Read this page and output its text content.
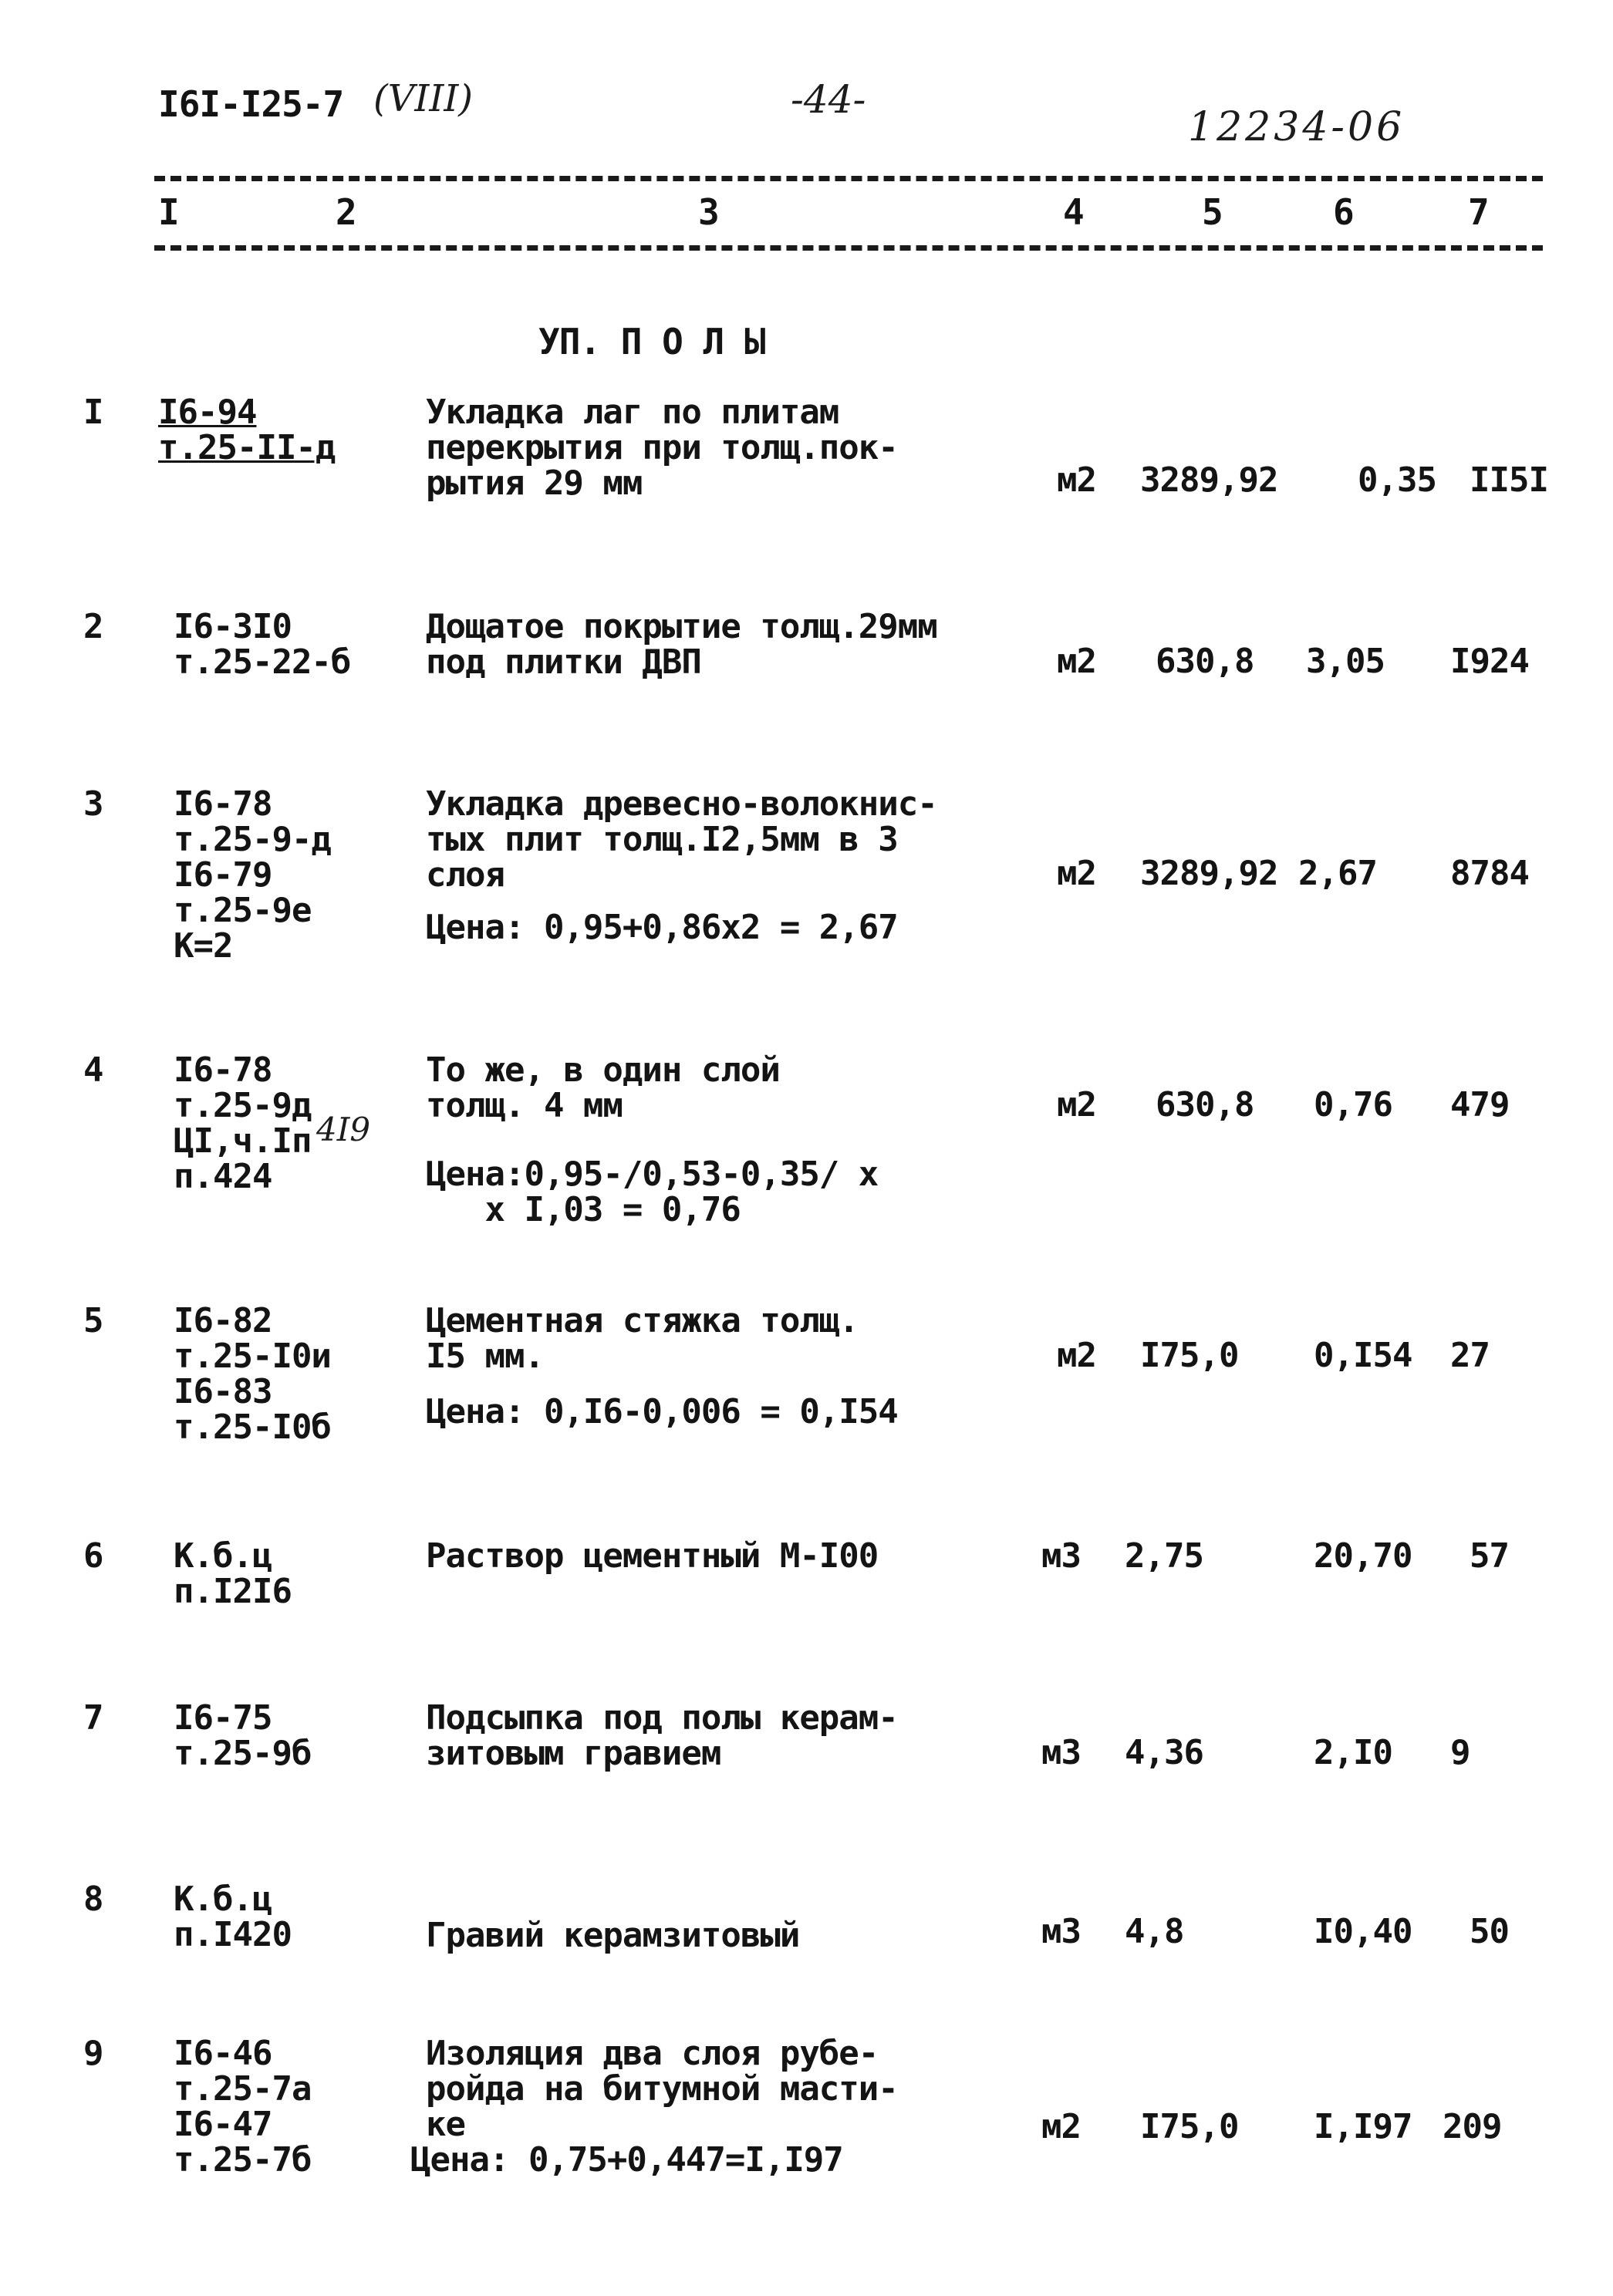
I6I-I25-7 (VIII)	-44-
12234-06
I	2	3	4	5	6	7
УП. П О Л Ы
I I6-94
т.25-II-д
Укладка лаг по плитам
перекрытия при толщ.пок-
рытия 29 мм	м2 3289,92 0,35 II5I
2 I6-3I0
т.25-22-б
Дощатое покрытие толщ.29мм
под плитки ДВП	м2 630,8 3,05 I924
3 I6-78
т.25-9-д
I6-79
т.25-9е
К=2
Укладка древесно-волокнис-
тых плит толщ.I2,5мм в 3
слоя
Цена: 0,95+0,86х2 = 2,67
м2 3289,92 2,67 8784
4 I6-78
т.25-9д
ЦI,ч.Iп
п.424
4I9
То же, в один слой
толщ. 4 мм
Цена:0,95-/0,53-0,35/ х
х I,03 = 0,76
м2 630,8 0,76 479
5 I6-82
т.25-I0и
I6-83
т.25-I0б
Цементная стяжка толщ.
I5 мм.
Цена: 0,I6-0,006 = 0,I54
м2 I75,0 0,I54 27
6 К.б.ц
п.I2I6
Раствор цементный М-I00	м3 2,75	20,70 57
7 I6-75
т.25-9б
Подсыпка под полы керам-
зитовым гравием	м3 4,36	2,I0 9
8 К.б.ц
п.I420	Гравий керамзитовый	м3 4,8	I0,40 50
9 I6-46
т.25-7а
I6-47
т.25-7б
Изоляция два слоя рубе-
ройда на битумной масти-
ке
Цена: 0,75+0,447=I,I97
м2 I75,0 I,I97 209
